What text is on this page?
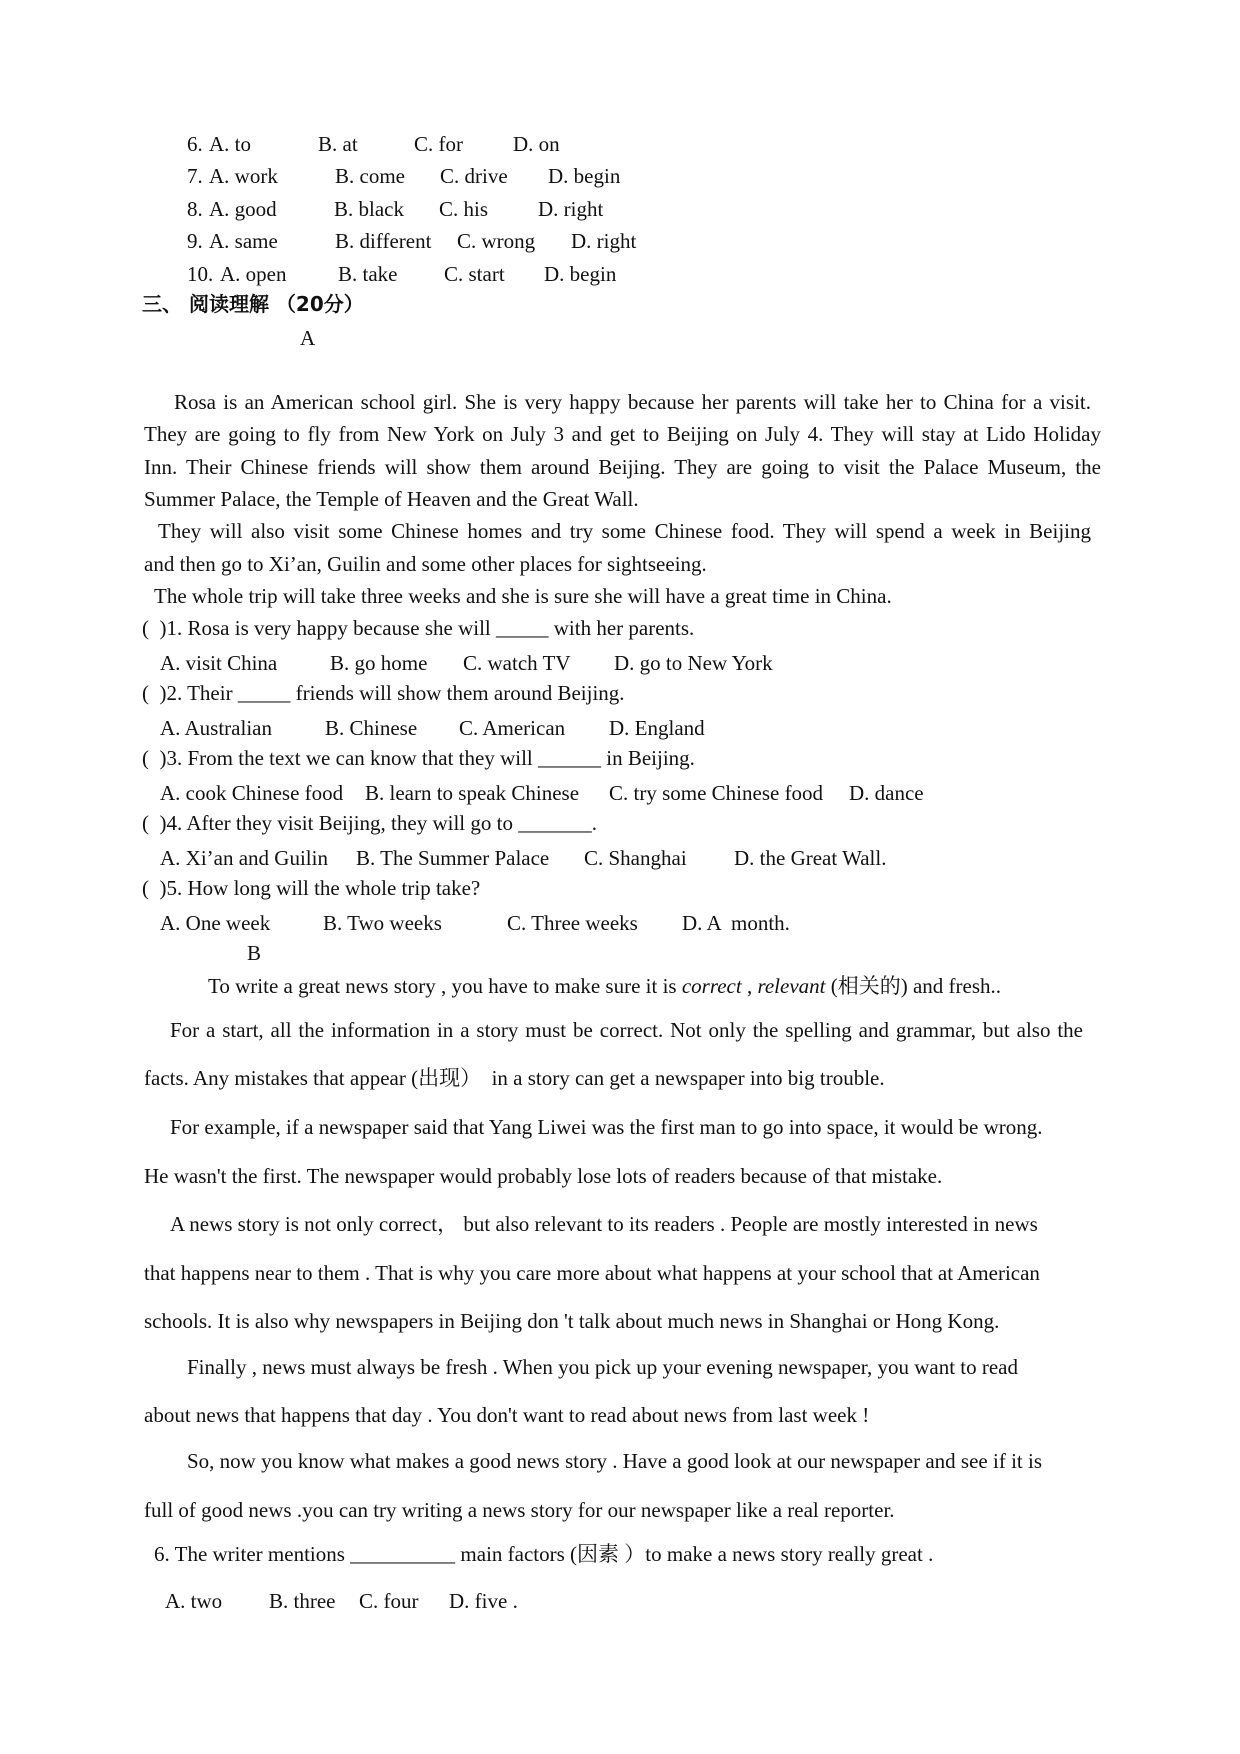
6. A. to	B. at	C. for D. on
7. A. work	B. come C. drive D. begin
8. A. good	B. black C. his D. right
9. A. same	B. different C. wrong D. right
10. A. open B. take C. start D. begin
三、 阅读理解 （20分）
A
Rosa is an American school girl. She is very happy because her parents will take her to China for a visit.
They are going to fly from New York on July 3 and get to Beijing on July 4. They will stay at Lido Holiday
Inn. Their Chinese friends will show them around Beijing. They are going to visit the Palace Museum, the
Summer Palace, the Temple of Heaven and the Great Wall.
They will also visit some Chinese homes and try some Chinese food. They will spend a week in Beijing
and then go to Xi’an, Guilin and some other places for sightseeing.
The whole trip will take three weeks and she is sure she will have a great time in China.
(  )1. Rosa is very happy because she will _____ with her parents.
A. visit China	B. go home C. watch TV D. go to New York
(  )2. Their _____ friends will show them around Beijing.
A. Australian	B. Chinese C. American D. England
(  )3. From the text we can know that they will ______ in Beijing.
A. cook Chinese food B. learn to speak Chinese C. try some Chinese food D. dance
(  )4. After they visit Beijing, they will go to _______.
A. Xi’an and Guilin B. The Summer Palace C. Shanghai D. the Great Wall.
(  )5. How long will the whole trip take?
A. One week	B. Two weeks	C. Three weeks D. A  month.
B
To write a great news story , you have to make sure it is correct , relevant (相关的) and fresh..
For a start, all the information in a story must be correct. Not only the spelling and grammar, but also the
facts. Any mistakes that appear (出现）  in a story can get a newspaper into big trouble.
For example, if a newspaper said that Yang Liwei was the first man to go into space, it would be wrong.
He wasn't the first. The newspaper would probably lose lots of readers because of that mistake.
A news story is not only correct， but also relevant to its readers . People are mostly interested in news
that happens near to them . That is why you care more about what happens at your school that at American
schools. It is also why newspapers in Beijing don 't talk about much news in Shanghai or Hong Kong.
Finally , news must always be fresh . When you pick up your evening newspaper, you want to read
about news that happens that day . You don't want to read about news from last week !
So, now you know what makes a good news story . Have a good look at our newspaper and see if it is
full of good news .you can try writing a news story for our newspaper like a real reporter.
6. The writer mentions __________ main factors (因素 ）to make a news story really great .
A. two B. three C. four D. five .
